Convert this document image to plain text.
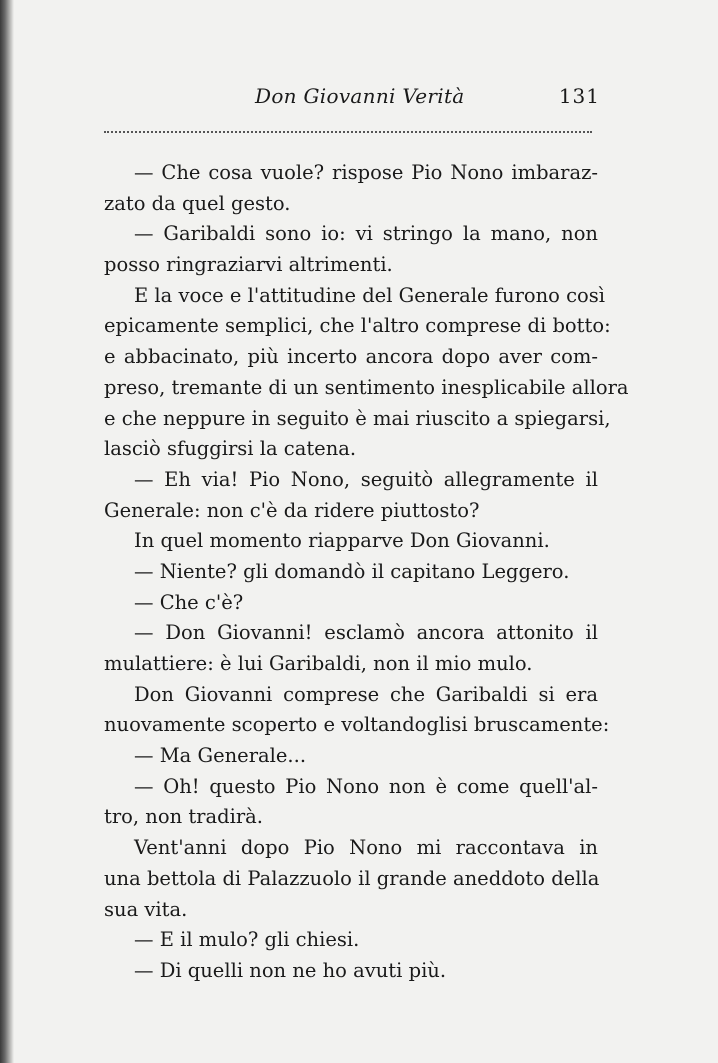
Don Giovanni Verità	131
— Che cosa vuole? rispose Pio Nono imbaraz-
zato da quel gesto.
— Garibaldi sono io: vi stringo la mano, non
posso ringraziarvi altrimenti.
E la voce e l'attitudine del Generale furono così
epicamente semplici, che l'altro comprese di botto:
e abbacinato, più incerto ancora dopo aver com-
preso, tremante di un sentimento inesplicabile allora
e che neppure in seguito è mai riuscito a spiegarsi,
lasciò sfuggirsi la catena.
— Eh via! Pio Nono, seguitò allegramente il
Generale: non c'è da ridere piuttosto?
In quel momento riapparve Don Giovanni.
— Niente? gli domandò il capitano Leggero.
— Che c'è?
— Don Giovanni! esclamò ancora attonito il
mulattiere: è lui Garibaldi, non il mio mulo.
Don Giovanni comprese che Garibaldi si era
nuovamente scoperto e voltandoglisi bruscamente:
— Ma Generale...
— Oh! questo Pio Nono non è come quell'al-
tro, non tradirà.
Vent'anni dopo Pio Nono mi raccontava in
una bettola di Palazzuolo il grande aneddoto della
sua vita.
— E il mulo? gli chiesi.
— Di quelli non ne ho avuti più.
